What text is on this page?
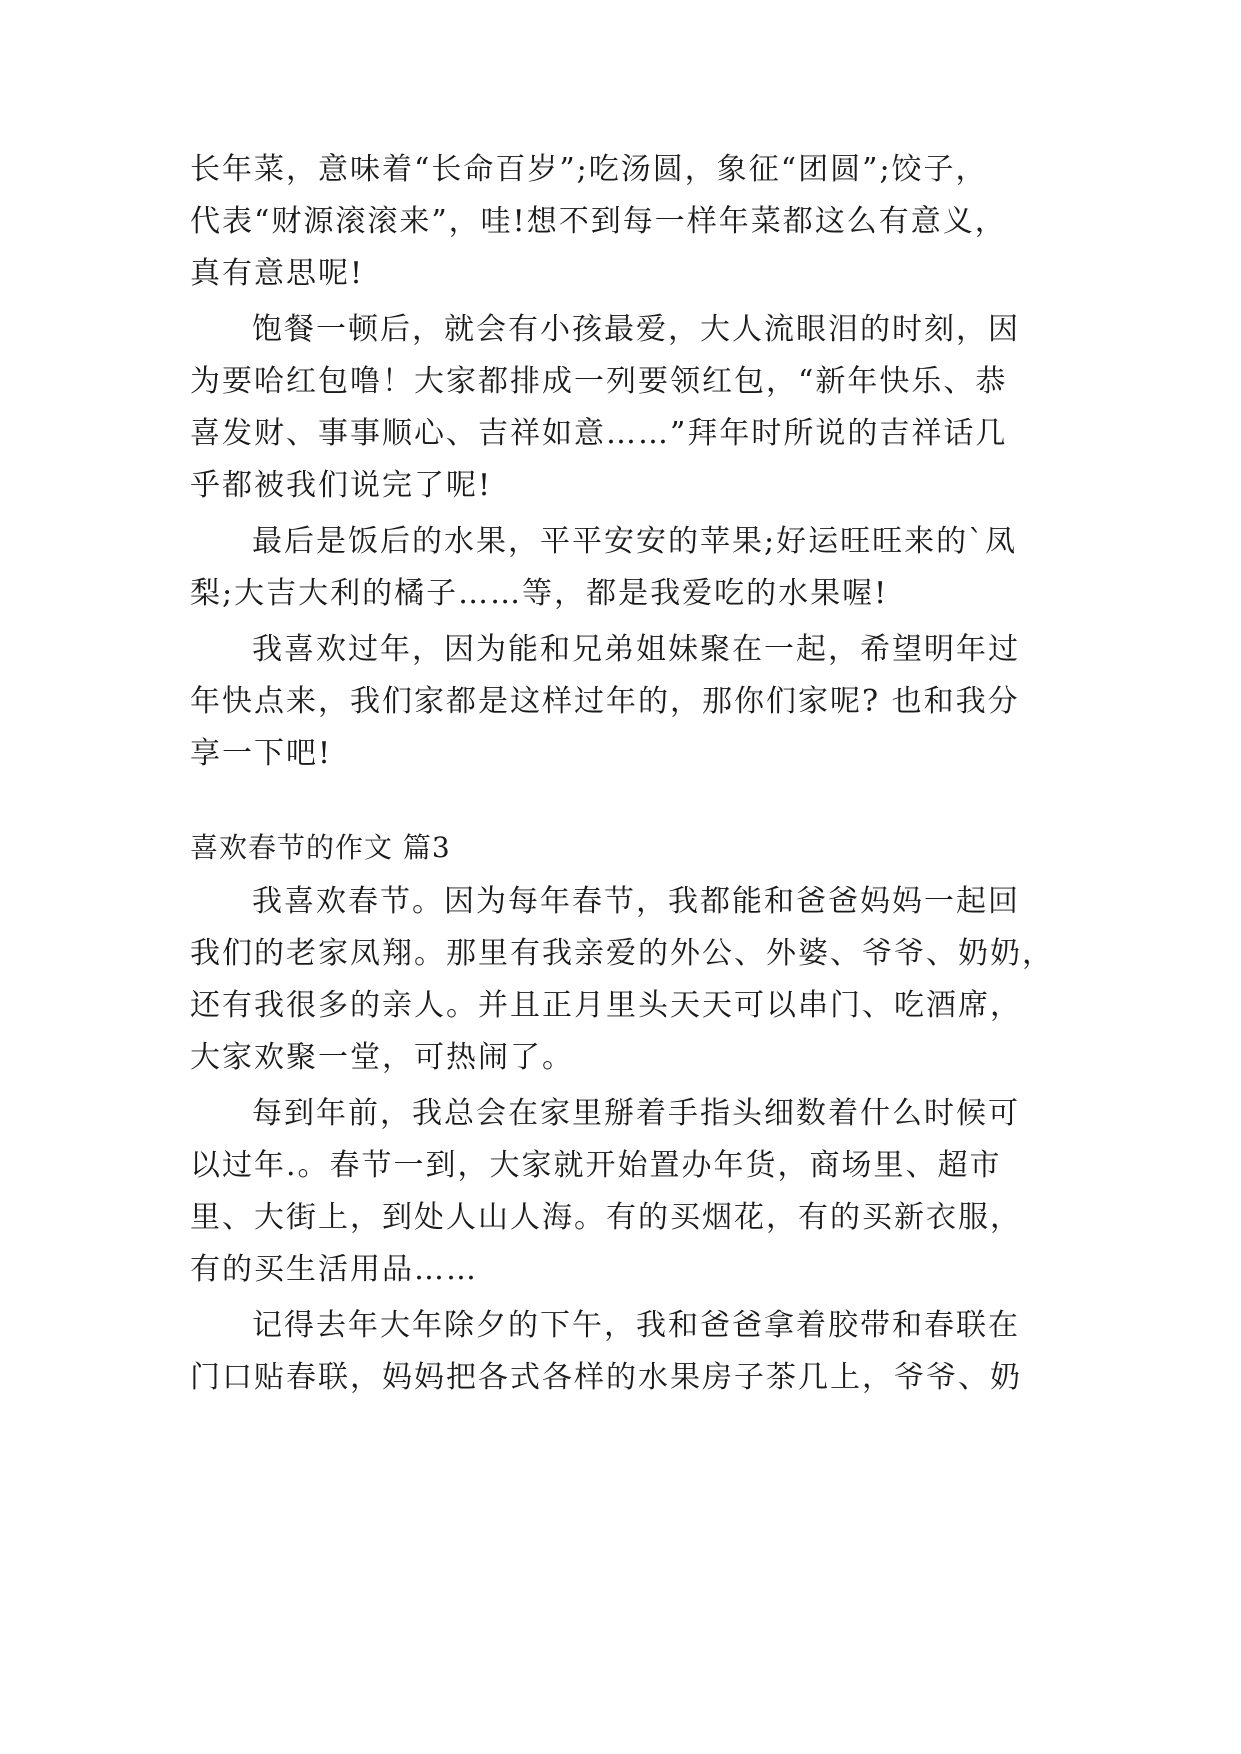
长年菜，意味着“长命百岁”;吃汤圆，象征“团圆”;饺子，
代表“财源滚滚来”，哇!想不到每一样年菜都这么有意义，
真有意思呢!
饱餐一顿后，就会有小孩最爱，大人流眼泪的时刻，因
为要哈红包噜！大家都排成一列要领红包，“新年快乐、恭
喜发财、事事顺心、吉祥如意……”拜年时所说的吉祥话几
乎都被我们说完了呢!
最后是饭后的水果，平平安安的苹果;好运旺旺来的`凤
梨;大吉大利的橘子……等，都是我爱吃的水果喔!
我喜欢过年，因为能和兄弟姐妹聚在一起，希望明年过
年快点来，我们家都是这样过年的，那你们家呢? 也和我分
享一下吧!
喜欢春节的作文 篇3
我喜欢春节。因为每年春节，我都能和爸爸妈妈一起回
我们的老家凤翔。那里有我亲爱的外公、外婆、爷爷、奶奶，
还有我很多的亲人。并且正月里头天天可以串门、吃酒席，
大家欢聚一堂，可热闹了。
每到年前，我总会在家里掰着手指头细数着什么时候可
以过年.。春节一到，大家就开始置办年货，商场里、超市
里、大街上，到处人山人海。有的买烟花，有的买新衣服，
有的买生活用品……
记得去年大年除夕的下午，我和爸爸拿着胶带和春联在
门口贴春联，妈妈把各式各样的水果房子茶几上，爷爷、奶
